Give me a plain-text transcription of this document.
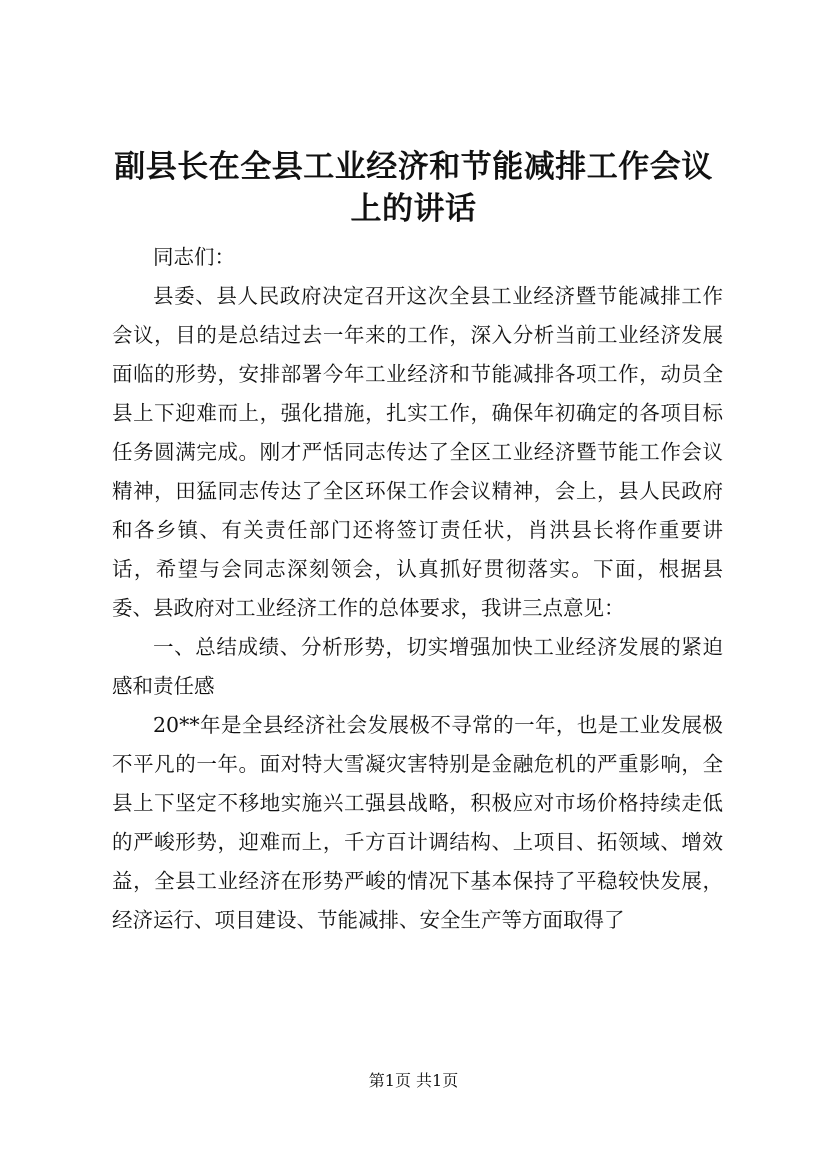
副县长在全县工业经济和节能减排工作会议上的讲话

同志们：

县委、县人民政府决定召开这次全县工业经济暨节能减排工作会议，目的是总结过去一年来的工作，深入分析当前工业经济发展面临的形势，安排部署今年工业经济和节能减排各项工作，动员全县上下迎难而上，强化措施，扎实工作，确保年初确定的各项目标任务圆满完成。刚才严恬同志传达了全区工业经济暨节能工作会议精神，田猛同志传达了全区环保工作会议精神，会上，县人民政府和各乡镇、有关责任部门还将签订责任状，肖洪县长将作重要讲话，希望与会同志深刻领会，认真抓好贯彻落实。下面，根据县委、县政府对工业经济工作的总体要求，我讲三点意见：

一、总结成绩、分析形势，切实增强加快工业经济发展的紧迫感和责任感

20**年是全县经济社会发展极不寻常的一年，也是工业发展极不平凡的一年。面对特大雪凝灾害特别是金融危机的严重影响，全县上下坚定不移地实施兴工强县战略，积极应对市场价格持续走低的严峻形势，迎难而上，千方百计调结构、上项目、拓领域、增效益，全县工业经济在形势严峻的情况下基本保持了平稳较快发展，经济运行、项目建设、节能减排、安全生产等方面取得了

第1页 共1页
